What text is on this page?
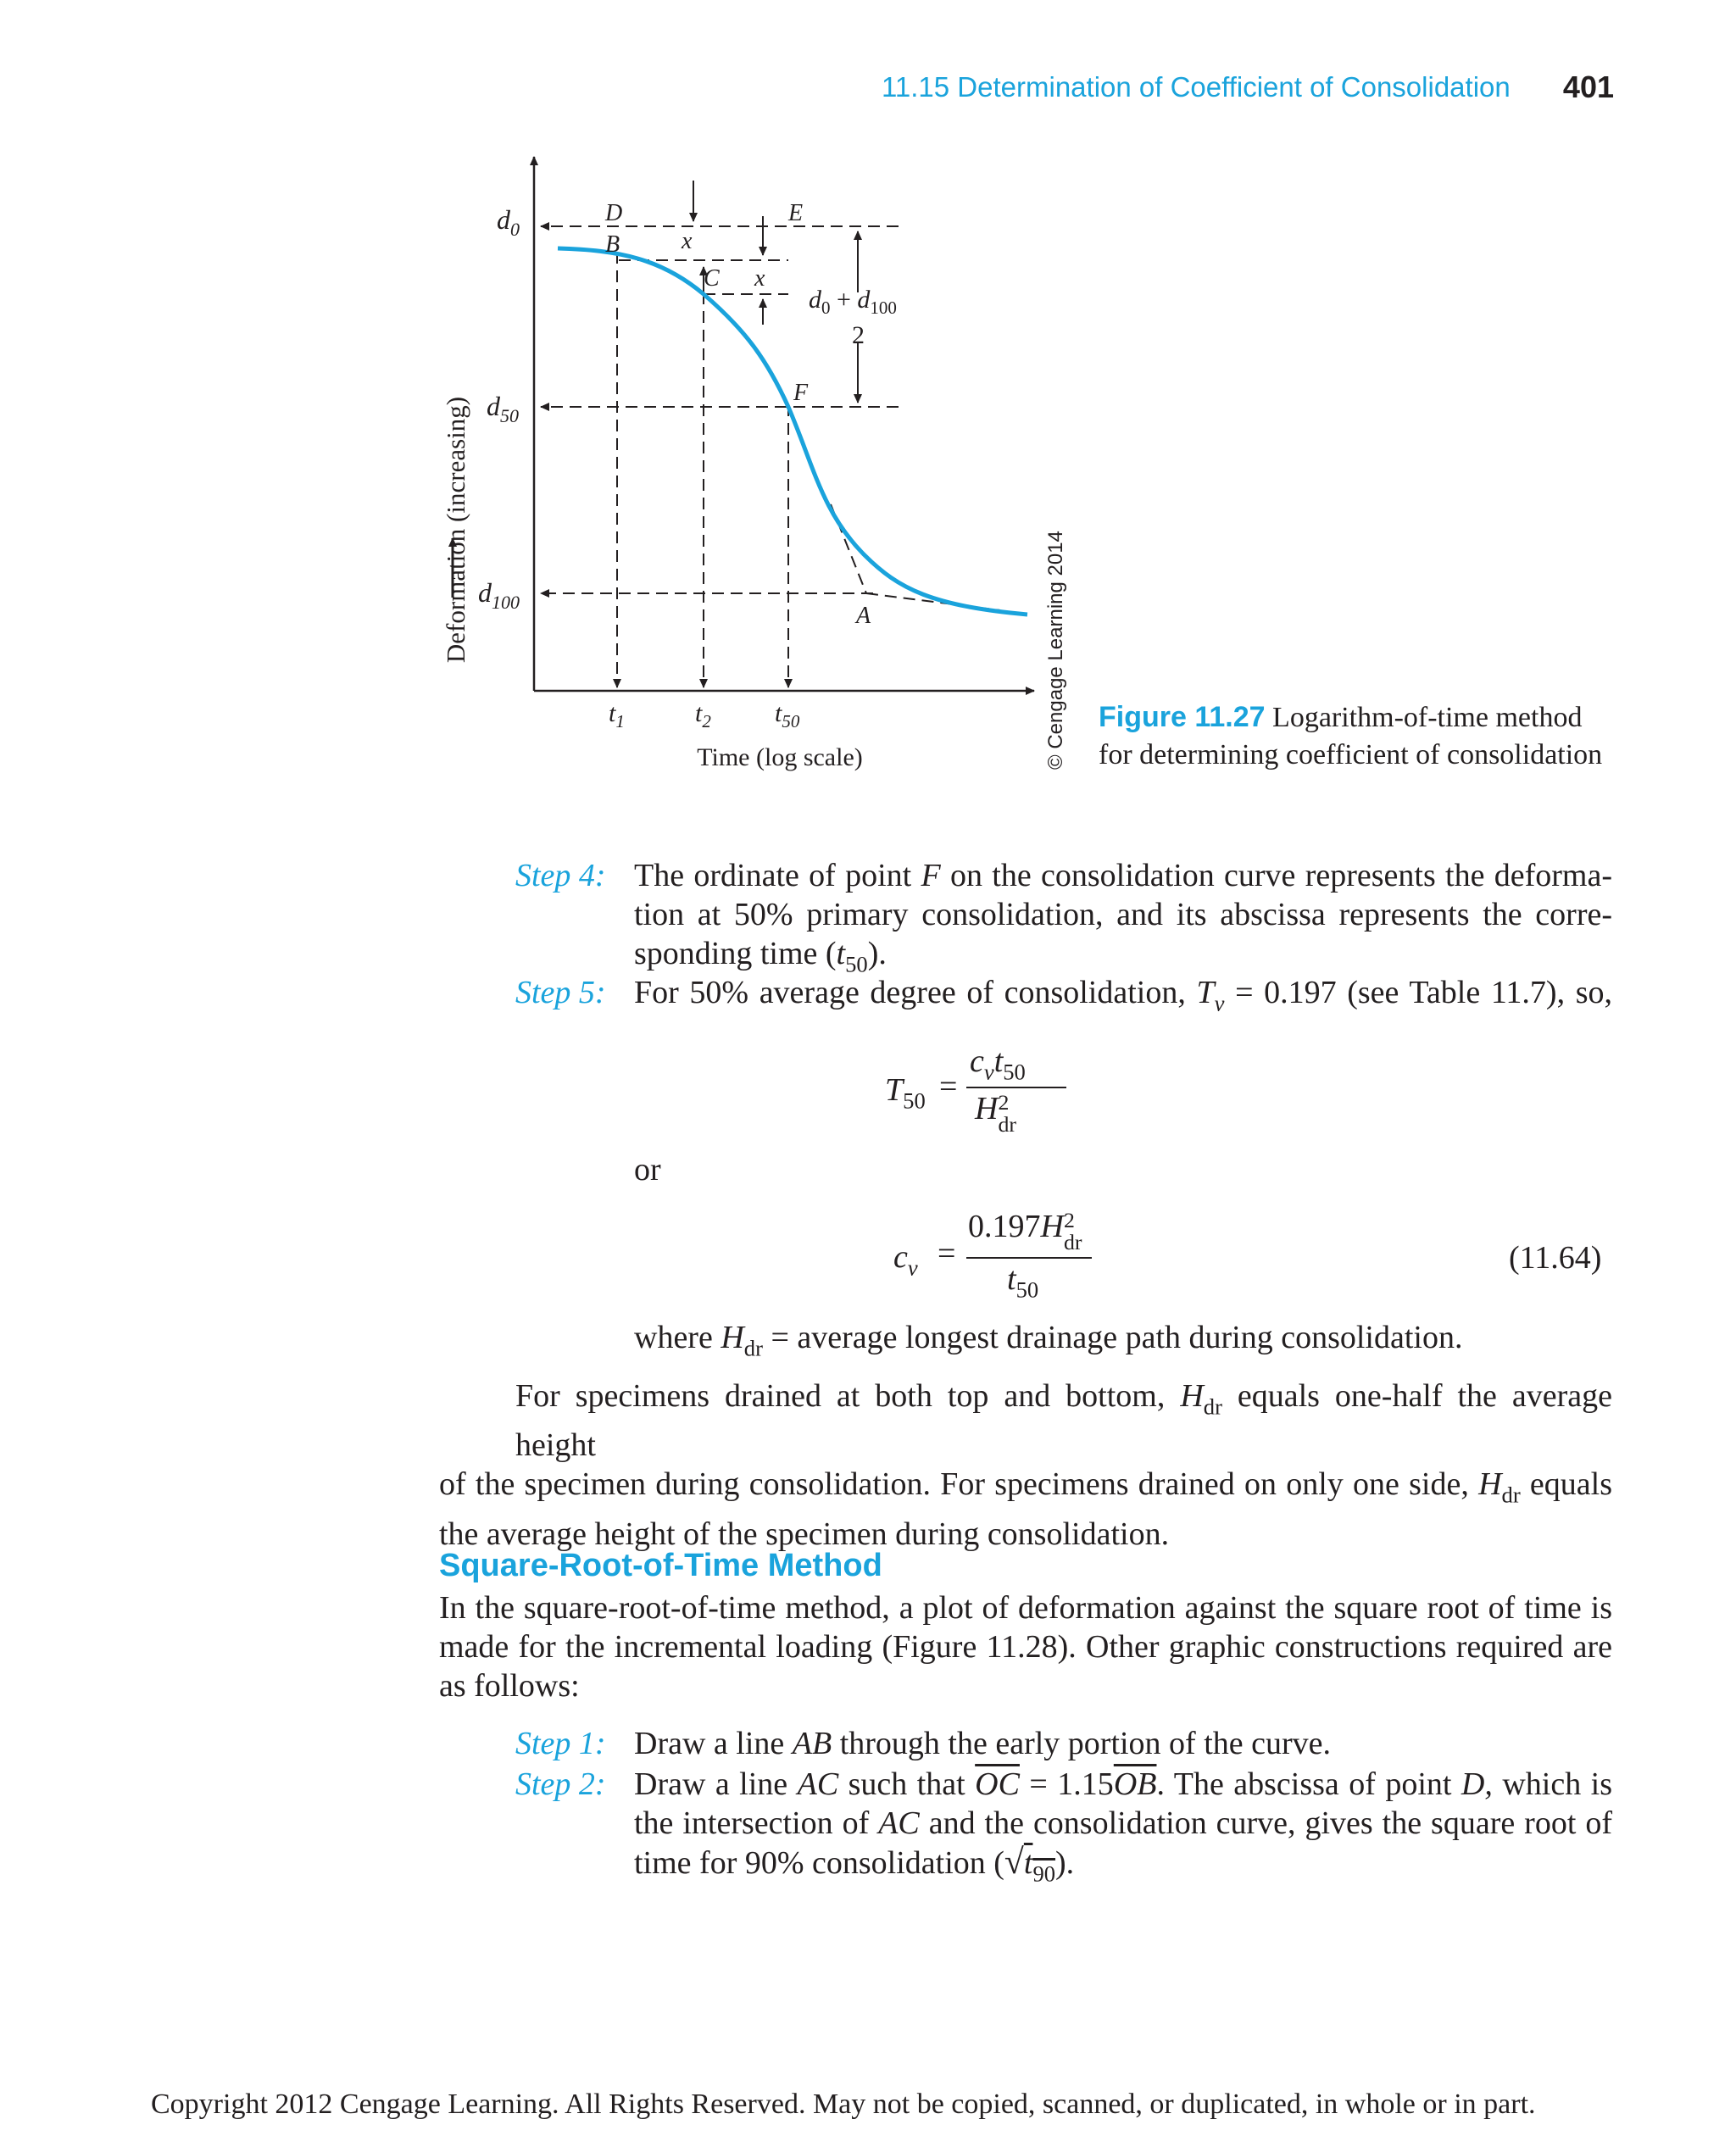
11.15 Determination of Coefficient of Consolidation 401
Deformation (increasing)
$d_0$
$d_{50}$
$d_{100}$
D
B	x
C x
E
F
A
$d_0 + d_{100}$
2
$t_1$	$t_2$	$t_{50}$
Time (log scale)	© Cengage Learning 2014 Figure 11.27 Logarithm-of-time method
for determining coefficient of consolidation
Step 4: The ordinate of point F on the consolidation curve represents the deforma-
tion at 50% primary consolidation, and its abscissa represents the corre-
sponding time $(t_{50})$.
Step 5: For 50% average degree of consolidation, $T_v = 0.197$ (see Table 11.7), so,
$T_{50}$ =
$c_vt_{50}$
H 2
dr
or
$c_v$ =
0.197H 2
dr
$t_{50}$
(11.64)
where $H_{dr}$ = average longest drainage path during consolidation.
For specimens drained at both top and bottom, $H_{dr}$ equals one-half the average height
of the specimen during consolidation. For specimens drained on only one side, $H_{dr}$ equals
the average height of the specimen during consolidation.
Square-Root-of-Time Method
In the square-root-of-time method, a plot of deformation against the square root of time is
made for the incremental loading (Figure 11.28). Other graphic constructions required are
as follows:
Step 1: Draw a line AB through the early portion of the curve.
Step 2: Draw a line AC such that $\overline{OC} = 1.15\overline{OB}$. The abscissa of point D, which is
the intersection of AC and the consolidation curve, gives the square root of
time for 90% consolidation $(√t_{90})$.
Copyright 2012 Cengage Learning. All Rights Reserved. May not be copied, scanned, or duplicated, in whole or in part.
